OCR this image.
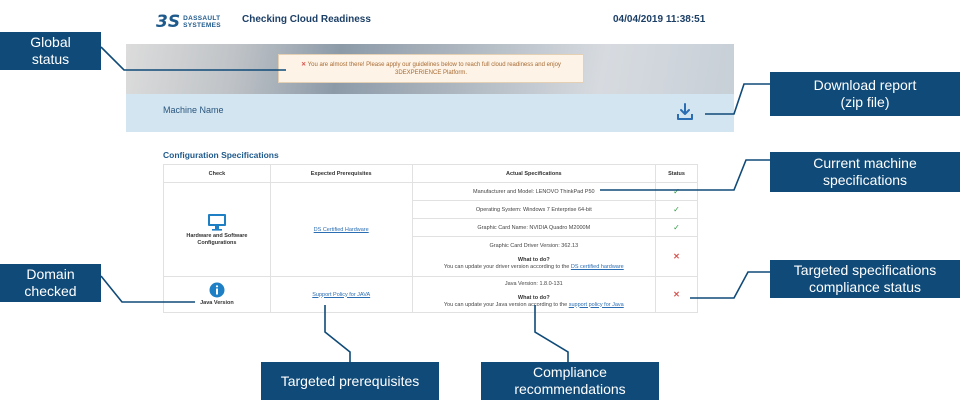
3S DASSAULT
SYSTEMES
Checking Cloud Readiness	04/04/2019 11:38:51
✕ You are almost there! Please apply our guidelines below to reach full cloud readiness and enjoy
3DEXPERIENCE Platform.
Machine Name
Configuration Specifications
Check	Expected Prerequisites	Actual Specifications	Status

Hardware and Software
Configurations	DS Certified Hardware	Manufacturer and Model: LENOVO ThinkPad P50	✓
		Operating System: Windows 7 Enterprise 64-bit	✓
		Graphic Card Name: NVIDIA Quadro M2000M	✓
		Graphic Card Driver Version: 362.13

What to do?
You can update your driver version according to the DS certified hardware	✕

Java Version	Support Policy for JAVA	Java Version: 1.8.0-131

What to do?
You can update your Java version according to the support policy for Java	✕
Global
status
Download report
(zip file)
Current machine
specifications
Domain
checked
Targeted specifications
compliance status
Targeted prerequisites
Compliance
recommendations
